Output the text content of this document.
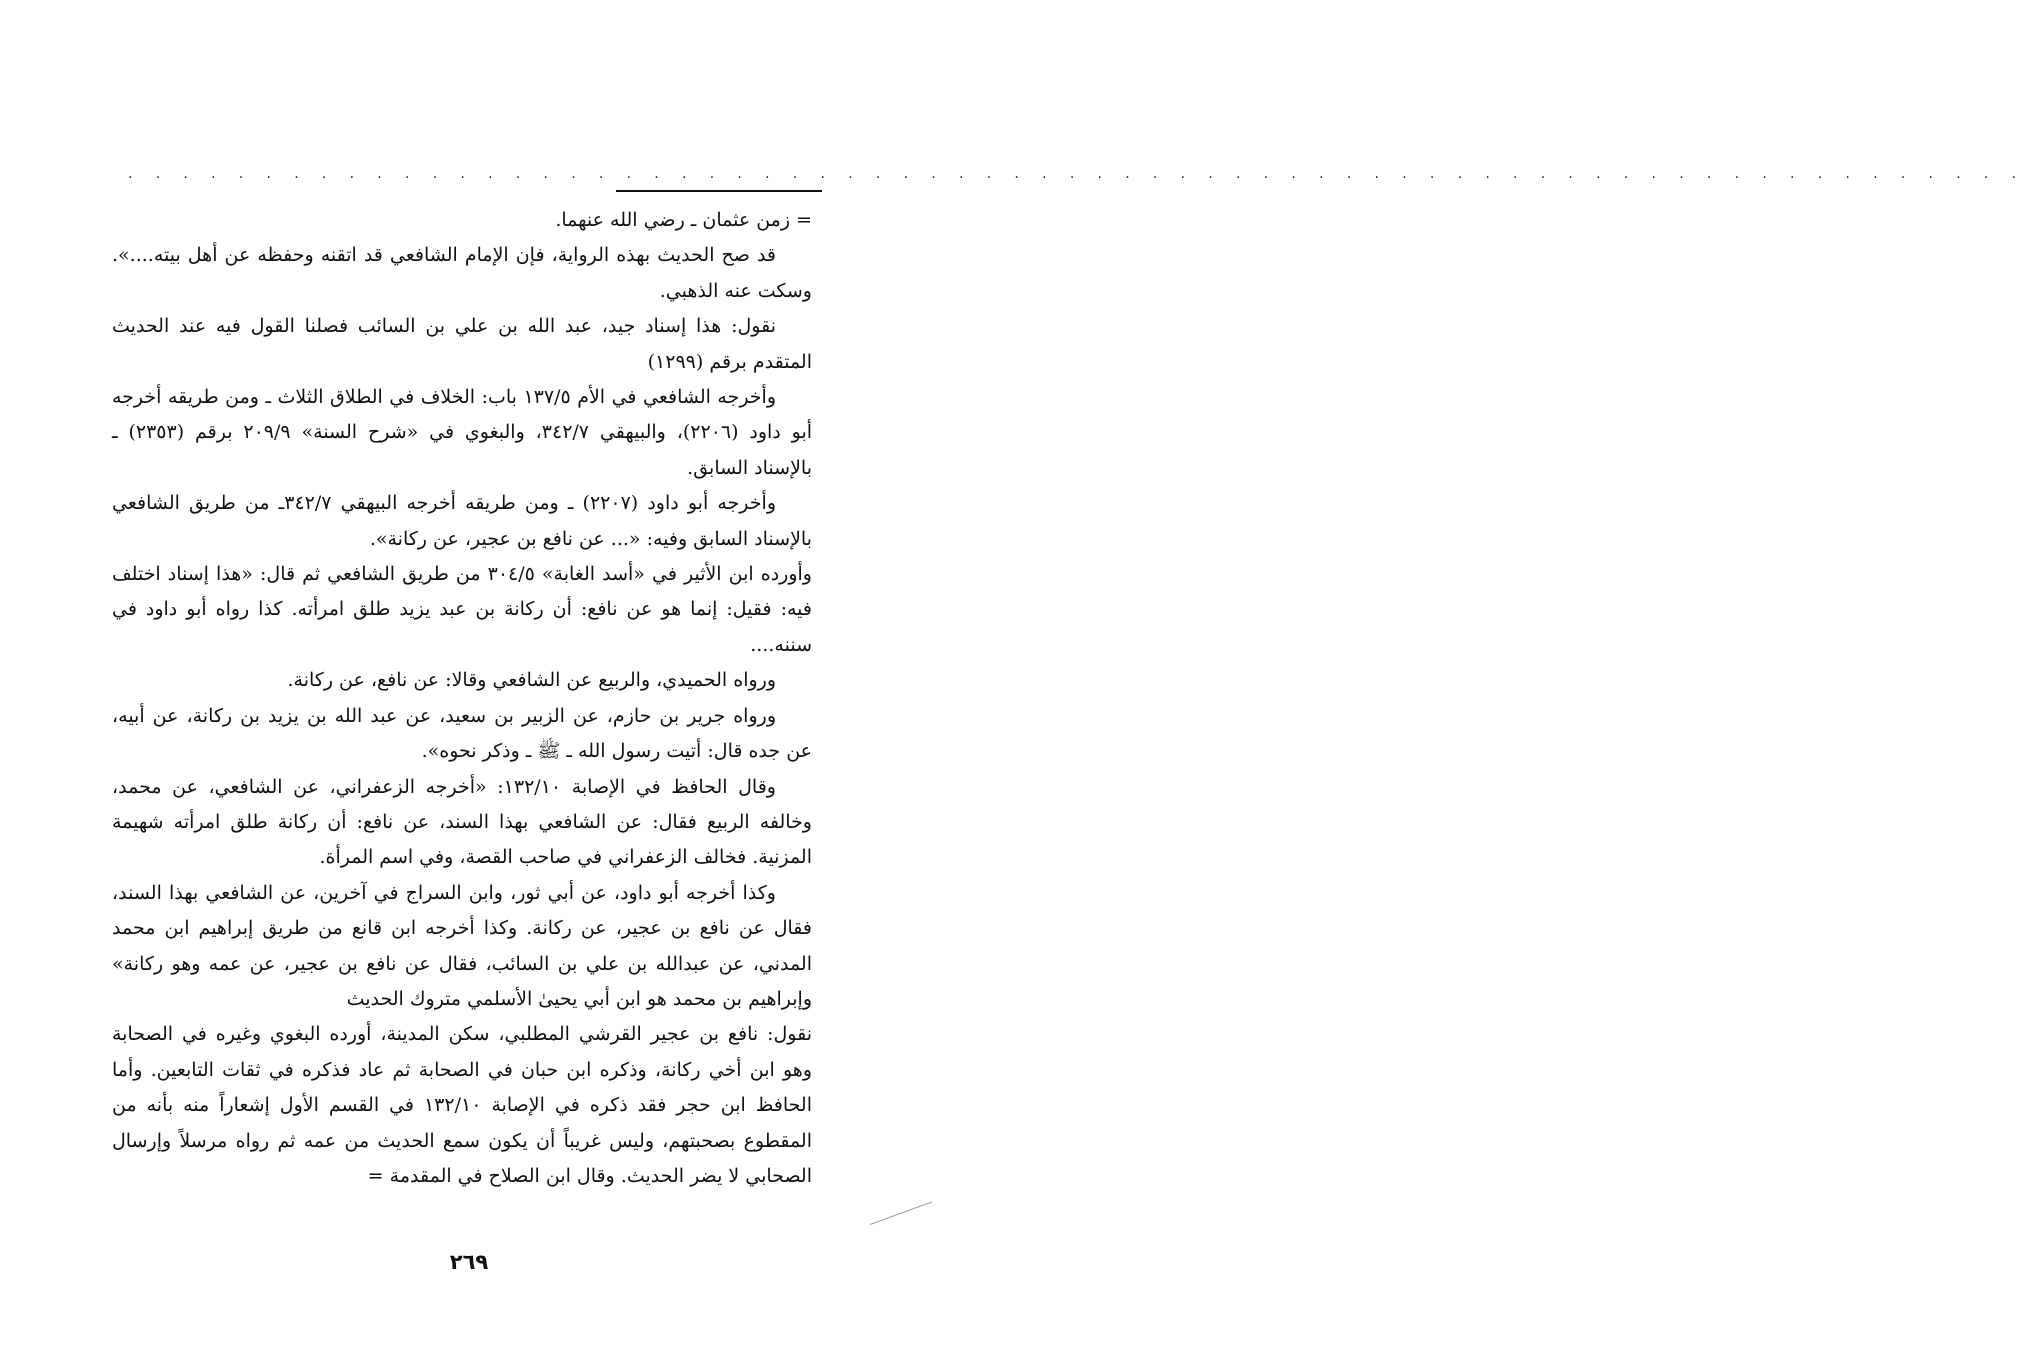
. . . . . . . . . . . . . . . . . . . . . . . . . . . . . . . . . . . . . . . . . . . . . . . . . . . . . . . . . . . . . . . . . . . . .

= زمن عثمان ـ رضي الله عنهما.

قد صح الحديث بهذه الرواية، فإن الإمام الشافعي قد اتقنه وحفظه عن أهل بيته....». وسكت عنه الذهبي.

نقول: هذا إسناد جيد، عبد الله بن علي بن السائب فصلنا القول فيه عند الحديث المتقدم برقم (١٢٩٩)

وأخرجه الشافعي في الأم ١٣٧/٥ باب: الخلاف في الطلاق الثلاث ـ ومن طريقه أخرجه أبو داود (٢٢٠٦)، والبيهقي ٣٤٢/٧، والبغوي في «شرح السنة» ٢٠٩/٩ برقم (٢٣٥٣) ـ بالإسناد السابق.

وأخرجه أبو داود (٢٢٠٧) ـ ومن طريقه أخرجه البيهقي ٣٤٢/٧ـ من طريق الشافعي بالإسناد السابق وفيه: «... عن نافع بن عجير، عن ركانة».

وأورده ابن الأثير في «أسد الغابة» ٣٠٤/٥ من طريق الشافعي ثم قال: «هذا إسناد اختلف فيه: فقيل: إنما هو عن نافع: أن ركانة بن عبد يزيد طلق امرأته. كذا رواه أبو داود في سننه....

ورواه الحميدي، والربيع عن الشافعي وقالا: عن نافع، عن ركانة.

ورواه جرير بن حازم، عن الزبير بن سعيد، عن عبد الله بن يزيد بن ركانة، عن أبيه، عن جده قال: أتيت رسول الله ـ ﷺ ـ وذكر نحوه».

وقال الحافظ في الإصابة ١٣٢/١٠: «أخرجه الزعفراني، عن الشافعي، عن محمد، وخالفه الربيع فقال: عن الشافعي بهذا السند، عن نافع: أن ركانة طلق امرأته شهيمة المزنية. فخالف الزعفراني في صاحب القصة، وفي اسم المرأة.

وكذا أخرجه أبو داود، عن أبي ثور، وابن السراج في آخرين، عن الشافعي بهذا السند، فقال عن نافع بن عجير، عن ركانة. وكذا أخرجه ابن قانع من طريق إبراهيم ابن محمد المدني، عن عبدالله بن علي بن السائب، فقال عن نافع بن عجير، عن عمه وهو ركانة» وإبراهيم بن محمد هو ابن أبي يحيىٰ الأسلمي متروك الحديث

نقول: نافع بن عجير القرشي المطلبي، سكن المدينة، أورده البغوي وغيره في الصحابة وهو ابن أخي ركانة، وذكره ابن حبان في الصحابة ثم عاد فذكره في ثقات التابعين. وأما الحافظ ابن حجر فقد ذكره في الإصابة ١٣٢/١٠ في القسم الأول إشعاراً منه بأنه من المقطوع بصحبتهم، وليس غريباً أن يكون سمع الحديث من عمه ثم رواه مرسلاً وإرسال الصحابي لا يضر الحديث. وقال ابن الصلاح في المقدمة =

٢٦٩
